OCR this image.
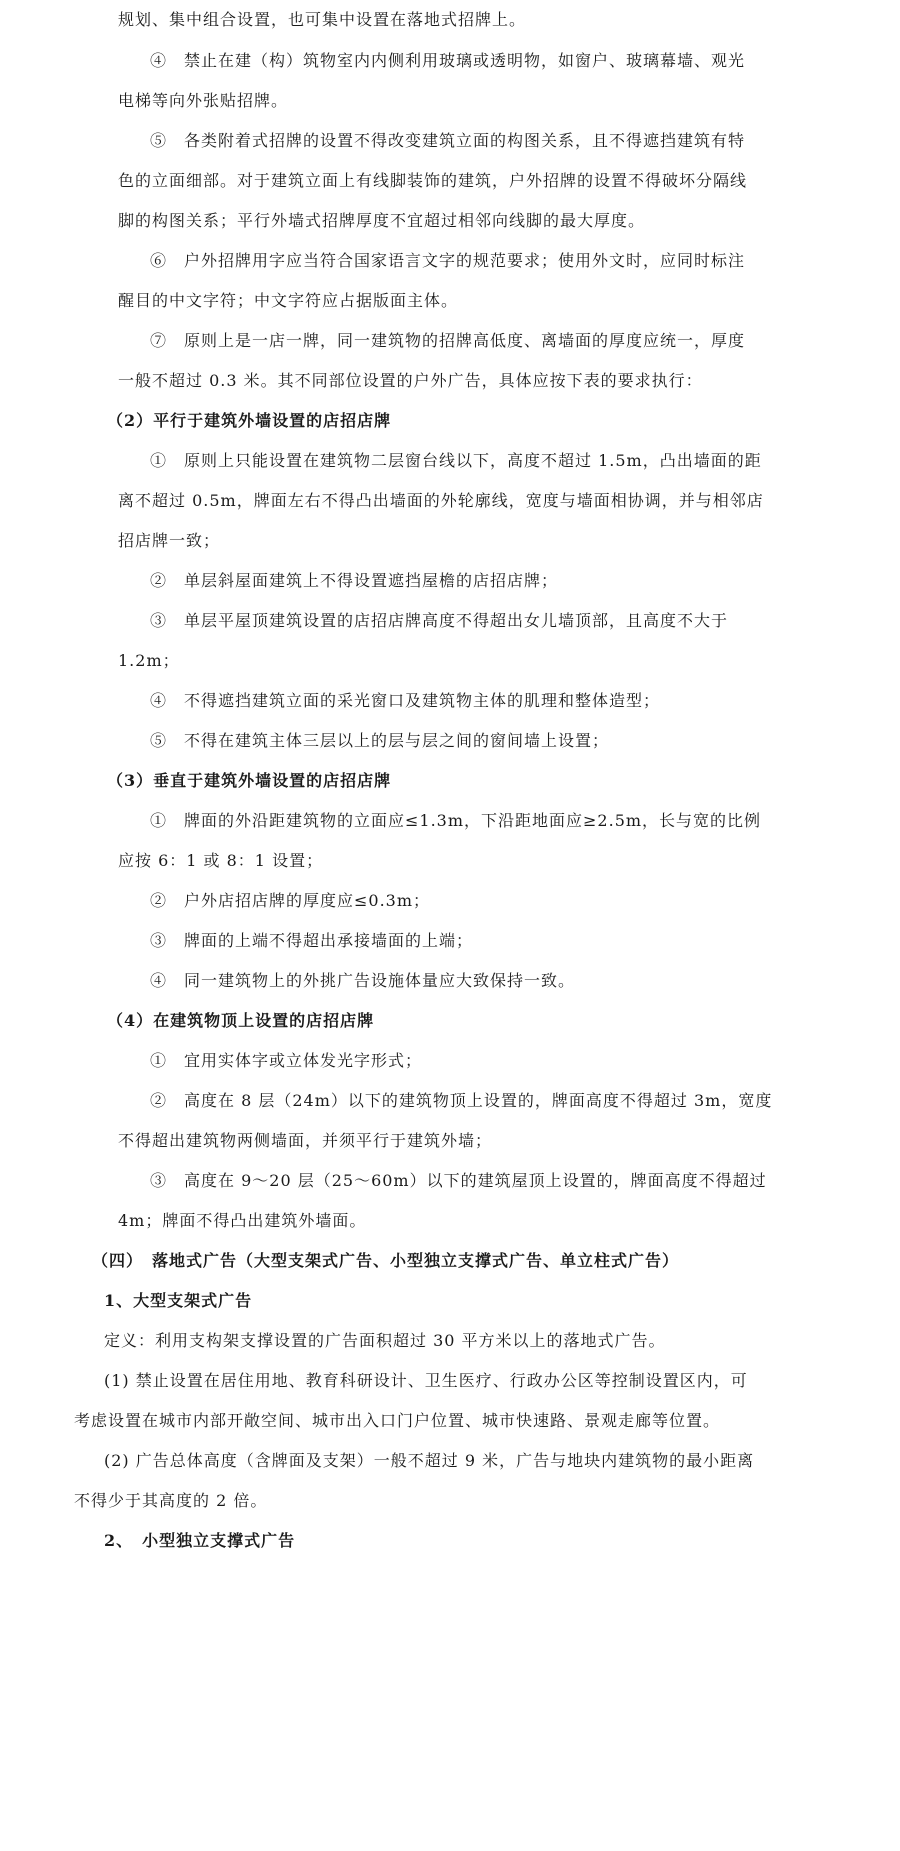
规划、集中组合设置，也可集中设置在落地式招牌上。
④　禁止在建（构）筑物室内内侧利用玻璃或透明物，如窗户、玻璃幕墙、观光
电梯等向外张贴招牌。
⑤　各类附着式招牌的设置不得改变建筑立面的构图关系，且不得遮挡建筑有特
色的立面细部。对于建筑立面上有线脚装饰的建筑，户外招牌的设置不得破坏分隔线
脚的构图关系；平行外墙式招牌厚度不宜超过相邻向线脚的最大厚度。
⑥　户外招牌用字应当符合国家语言文字的规范要求；使用外文时，应同时标注
醒目的中文字符；中文字符应占据版面主体。
⑦　原则上是一店一牌，同一建筑物的招牌高低度、离墙面的厚度应统一，厚度
一般不超过 0.3 米。其不同部位设置的户外广告，具体应按下表的要求执行：
（2）平行于建筑外墙设置的店招店牌
①　原则上只能设置在建筑物二层窗台线以下，高度不超过 1.5m，凸出墙面的距
离不超过 0.5m，牌面左右不得凸出墙面的外轮廓线，宽度与墙面相协调，并与相邻店
招店牌一致；
②　单层斜屋面建筑上不得设置遮挡屋檐的店招店牌；
③　单层平屋顶建筑设置的店招店牌高度不得超出女儿墙顶部，且高度不大于
1.2m；
④　不得遮挡建筑立面的采光窗口及建筑物主体的肌理和整体造型；
⑤　不得在建筑主体三层以上的层与层之间的窗间墙上设置；
（3）垂直于建筑外墙设置的店招店牌
①　牌面的外沿距建筑物的立面应≤1.3m，下沿距地面应≥2.5m，长与宽的比例
应按 6：1 或 8：1 设置；
②　户外店招店牌的厚度应≤0.3m；
③　牌面的上端不得超出承接墙面的上端；
④　同一建筑物上的外挑广告设施体量应大致保持一致。
（4）在建筑物顶上设置的店招店牌
①　宜用实体字或立体发光字形式；
②　高度在 8 层（24m）以下的建筑物顶上设置的，牌面高度不得超过 3m，宽度
不得超出建筑物两侧墙面，并须平行于建筑外墙；
③　高度在 9～20 层（25～60m）以下的建筑屋顶上设置的，牌面高度不得超过
4m；牌面不得凸出建筑外墙面。
（四）　落地式广告（大型支架式广告、小型独立支撑式广告、单立柱式广告）
1、大型支架式广告
定义：利用支构架支撑设置的广告面积超过 30 平方米以上的落地式广告。
(1) 禁止设置在居住用地、教育科研设计、卫生医疗、行政办公区等控制设置区内，可
考虑设置在城市内部开敞空间、城市出入口门户位置、城市快速路、景观走廊等位置。
(2) 广告总体高度（含牌面及支架）一般不超过 9 米，广告与地块内建筑物的最小距离
不得少于其高度的 2 倍。
2、　小型独立支撑式广告
